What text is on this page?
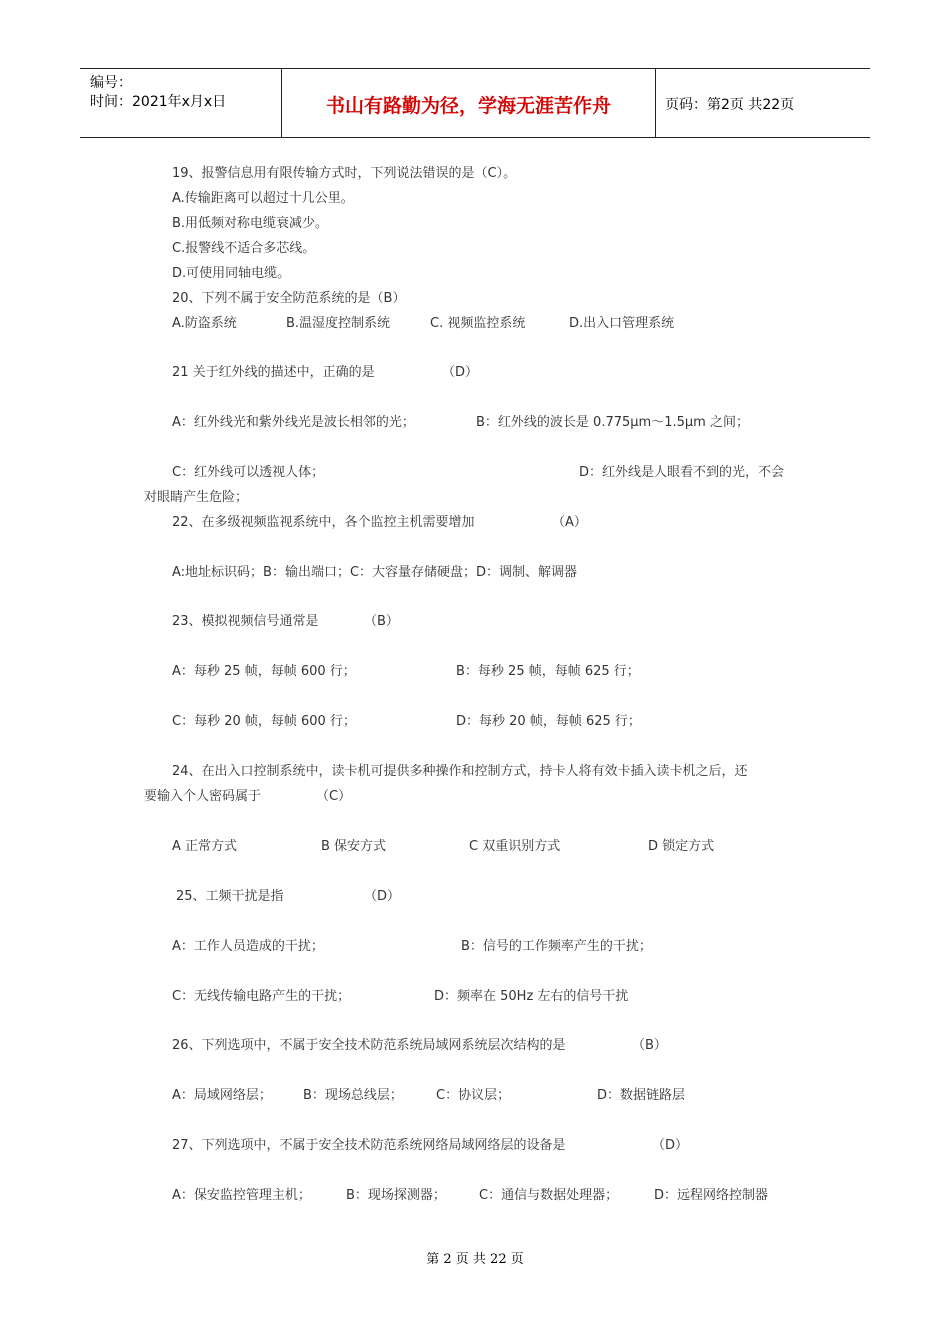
编号：
时间：2021年x月x日	书山有路勤为径，学海无涯苦作舟	页码：第2页 共22页
19、报警信息用有限传输方式时，下列说法错误的是（C）。
A.传输距离可以超过十几公里。
B.用低频对称电缆衰减少。
C.报警线不适合多芯线。
D.可使用同轴电缆。
20、下列不属于安全防范系统的是（B）
A.防盗系统	B.温湿度控制系统	C. 视频监控系统	D.出入口管理系统
21 关于红外线的描述中，正确的是	（D）
A：红外线光和紫外线光是波长相邻的光；	B：红外线的波长是 0.775μm～1.5μm 之间；
C：红外线可以透视人体；	D：红外线是人眼看不到的光，不会
对眼睛产生危险；
22、在多级视频监视系统中，各个监控主机需要增加	（A）
A:地址标识码；B：输出端口；C：大容量存储硬盘；D：调制、解调器
23、模拟视频信号通常是	（B）
A：每秒 25 帧，每帧 600 行；	B：每秒 25 帧，每帧 625 行；
C：每秒 20 帧，每帧 600 行；	D：每秒 20 帧，每帧 625 行；
24、在出入口控制系统中，读卡机可提供多种操作和控制方式，持卡人将有效卡插入读卡机之后，还
要输入个人密码属于	（C）
A 正常方式	B 保安方式	C 双重识别方式	D 锁定方式
25、工频干扰是指	（D）
A：工作人员造成的干扰；	B：信号的工作频率产生的干扰；
C：无线传输电路产生的干扰；	D：频率在 50Hz 左右的信号干扰
26、下列选项中，不属于安全技术防范系统局域网系统层次结构的是	（B）
A：局域网络层； B：现场总线层；	C：协议层；	D：数据链路层
27、下列选项中，不属于安全技术防范系统网络局域网络层的设备是	（D）
A：保安监控管理主机；	B：现场探测器；	C：通信与数据处理器；	D：远程网络控制器
第 2 页 共 22 页
